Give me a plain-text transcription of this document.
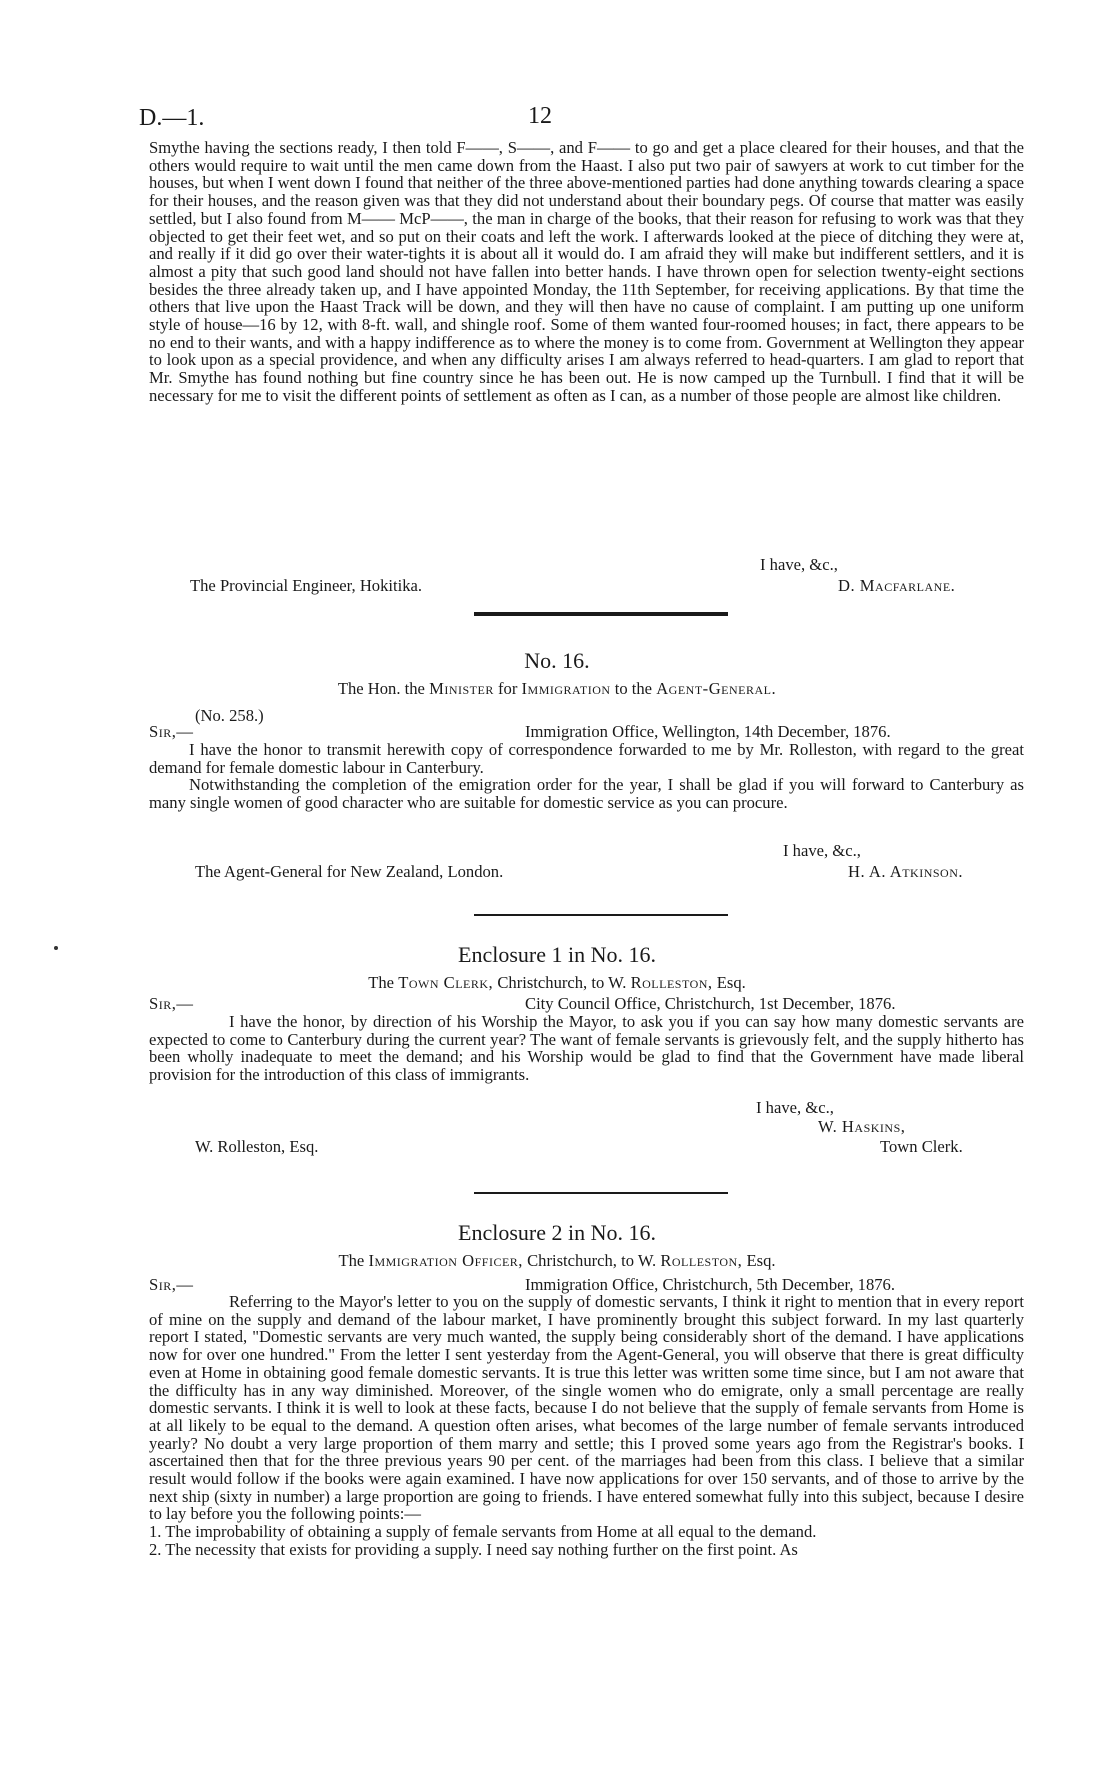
D.—1.	12

Smythe having the sections ready, I then told F——, S——, and F—— to go and get a place cleared for their houses, and that the others would require to wait until the men came down from the Haast. I also put two pair of sawyers at work to cut timber for the houses, but when I went down I found that neither of the three above-mentioned parties had done anything towards clearing a space for their houses, and the reason given was that they did not understand about their boundary pegs. Of course that matter was easily settled, but I also found from M—— McP——, the man in charge of the books, that their reason for refusing to work was that they objected to get their feet wet, and so put on their coats and left the work. I afterwards looked at the piece of ditching they were at, and really if it did go over their water-tights it is about all it would do. I am afraid they will make but indifferent settlers, and it is almost a pity that such good land should not have fallen into better hands. I have thrown open for selection twenty-eight sections besides the three already taken up, and I have appointed Monday, the 11th September, for receiving applications. By that time the others that live upon the Haast Track will be down, and they will then have no cause of complaint. I am putting up one uniform style of house—16 by 12, with 8-ft. wall, and shingle roof. Some of them wanted four-roomed houses; in fact, there appears to be no end to their wants, and with a happy indifference as to where the money is to come from. Government at Wellington they appear to look upon as a special providence, and when any difficulty arises I am always referred to head-quarters. I am glad to report that Mr. Smythe has found nothing but fine country since he has been out. He is now camped up the Turnbull. I find that it will be necessary for me to visit the different points of settlement as often as I can, as a number of those people are almost like children.

I have, &c.,
The Provincial Engineer, Hokitika.	D. Macfarlane.
No. 16.
The Hon. the Minister for Immigration to the Agent-General.
(No. 258.)
Sir,—	Immigration Office, Wellington, 14th December, 1876.

I have the honor to transmit herewith copy of correspondence forwarded to me by Mr. Rolleston, with regard to the great demand for female domestic labour in Canterbury.

Notwithstanding the completion of the emigration order for the year, I shall be glad if you will forward to Canterbury as many single women of good character who are suitable for domestic service as you can procure.

I have, &c.,
The Agent-General for New Zealand, London.	H. A. Atkinson.
Enclosure 1 in No. 16.
The Town Clerk, Christchurch, to W. Rolleston, Esq.
Sir,—	City Council Office, Christchurch, 1st December, 1876.

I have the honor, by direction of his Worship the Mayor, to ask you if you can say how many domestic servants are expected to come to Canterbury during the current year? The want of female servants is grievously felt, and the supply hitherto has been wholly inadequate to meet the demand; and his Worship would be glad to find that the Government have made liberal provision for the introduction of this class of immigrants.

I have, &c.,
W. Haskins,
W. Rolleston, Esq.	Town Clerk.
Enclosure 2 in No. 16.
The Immigration Officer, Christchurch, to W. Rolleston, Esq.
Sir,—	Immigration Office, Christchurch, 5th December, 1876.

Referring to the Mayor's letter to you on the supply of domestic servants, I think it right to mention that in every report of mine on the supply and demand of the labour market, I have prominently brought this subject forward. In my last quarterly report I stated, "Domestic servants are very much wanted, the supply being considerably short of the demand. I have applications now for over one hundred." From the letter I sent yesterday from the Agent-General, you will observe that there is great difficulty even at Home in obtaining good female domestic servants. It is true this letter was written some time since, but I am not aware that the difficulty has in any way diminished. Moreover, of the single women who do emigrate, only a small percentage are really domestic servants. I think it is well to look at these facts, because I do not believe that the supply of female servants from Home is at all likely to be equal to the demand. A question often arises, what becomes of the large number of female servants introduced yearly? No doubt a very large proportion of them marry and settle; this I proved some years ago from the Registrar's books. I ascertained then that for the three previous years 90 per cent. of the marriages had been from this class. I believe that a similar result would follow if the books were again examined. I have now applications for over 150 servants, and of those to arrive by the next ship (sixty in number) a large proportion are going to friends. I have entered somewhat fully into this subject, because I desire to lay before you the following points:—

1. The improbability of obtaining a supply of female servants from Home at all equal to the demand.

2. The necessity that exists for providing a supply. I need say nothing further on the first point. As
